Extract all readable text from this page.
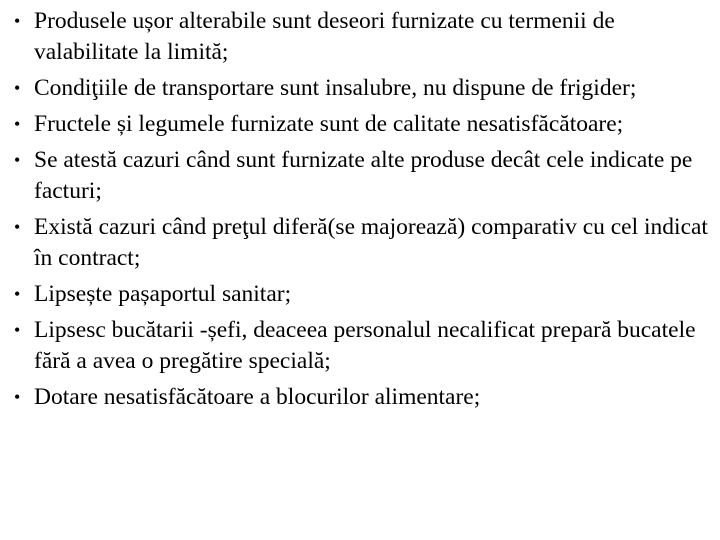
• Produsele ușor alterabile sunt deseori furnizate cu termenii de valabilitate la limită;
• Condiţiile de transportare sunt insalubre, nu dispune de frigider;
• Fructele și legumele furnizate sunt de calitate nesatisfăcătoare;
• Se atestă cazuri când sunt furnizate alte produse decât cele indicate pe facturi;
• Există cazuri când preţul diferă(se majorează) comparativ cu cel indicat în contract;
• Lipsește pașaportul sanitar;
• Lipsesc bucătarii -șefi, deaceea personalul necalificat prepară bucatele fără a avea o pregătire specială;
• Dotare nesatisfăcătoare a blocurilor alimentare;
